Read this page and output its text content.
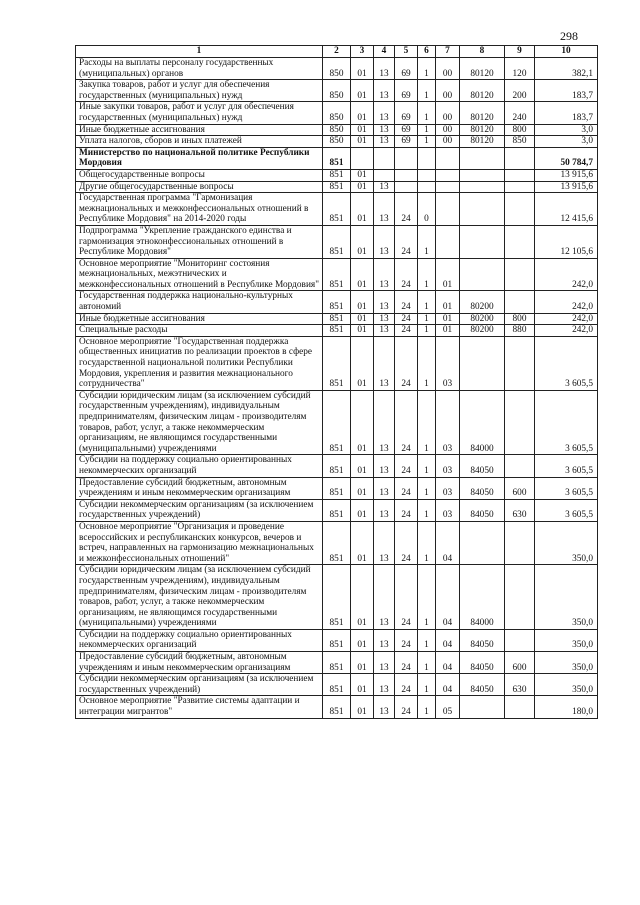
298
1	2	3	4	5	6	7	8	9	10
Расходы на выплаты персоналу государственных (муниципальных) органов	850	01	13	69	1	00	80120	120	382,1
Закупка товаров, работ и услуг для обеспечения государственных (муниципальных) нужд	850	01	13	69	1	00	80120	200	183,7
Иные закупки товаров, работ и услуг для обеспечения государственных (муниципальных) нужд	850	01	13	69	1	00	80120	240	183,7
Иные бюджетные ассигнования	850	01	13	69	1	00	80120	800	3,0
Уплата налогов, сборов и иных платежей	850	01	13	69	1	00	80120	850	3,0
Министерство по национальной политике Республики Мордовия	851								50 784,7
Общегосударственные вопросы	851	01							13 915,6
Другие общегосударственные вопросы	851	01	13						13 915,6
Государственная программа "Гармонизация межнациональных и межконфессиональных отношений в Республике Мордовия" на 2014-2020 годы	851	01	13	24	0				12 415,6
Подпрограмма "Укрепление гражданского единства и гармонизация этноконфессиональных отношений в Республике Мордовия"	851	01	13	24	1				12 105,6
Основное мероприятие "Мониторинг состояния межнациональных, межэтнических и межконфессиональных отношений в Республике Мордовия"	851	01	13	24	1	01			242,0
Государственная поддержка национально-культурных автономий	851	01	13	24	1	01	80200		242,0
Иные бюджетные ассигнования	851	01	13	24	1	01	80200	800	242,0
Специальные расходы	851	01	13	24	1	01	80200	880	242,0
Основное мероприятие "Государственная поддержка общественных инициатив по реализации проектов в сфере государственной национальной политики Республики Мордовия, укрепления и развития межнационального сотрудничества"	851	01	13	24	1	03			3 605,5
Субсидии юридическим лицам (за исключением субсидий государственным учреждениям), индивидуальным предпринимателям, физическим лицам - производителям товаров, работ, услуг, а также некоммерческим организациям, не являющимся государственными (муниципальными) учреждениями	851	01	13	24	1	03	84000		3 605,5
Субсидии на поддержку социально ориентированных некоммерческих организаций	851	01	13	24	1	03	84050		3 605,5
Предоставление субсидий бюджетным, автономным учреждениям и иным некоммерческим организациям	851	01	13	24	1	03	84050	600	3 605,5
Субсидии некоммерческим организациям (за исключением государственных учреждений)	851	01	13	24	1	03	84050	630	3 605,5
Основное мероприятие "Организация и проведение всероссийских и республиканских конкурсов, вечеров и встреч, направленных на гармонизацию межнациональных и межконфессиональных отношений"	851	01	13	24	1	04			350,0
Субсидии юридическим лицам (за исключением субсидий государственным учреждениям), индивидуальным предпринимателям, физическим лицам - производителям товаров, работ, услуг, а также некоммерческим организациям, не являющимся государственными (муниципальными) учреждениями	851	01	13	24	1	04	84000		350,0
Субсидии на поддержку социально ориентированных некоммерческих организаций	851	01	13	24	1	04	84050		350,0
Предоставление субсидий бюджетным, автономным учреждениям и иным некоммерческим организациям	851	01	13	24	1	04	84050	600	350,0
Субсидии некоммерческим организациям (за исключением государственных учреждений)	851	01	13	24	1	04	84050	630	350,0
Основное мероприятие "Развитие системы адаптации и интеграции мигрантов"	851	01	13	24	1	05			180,0
